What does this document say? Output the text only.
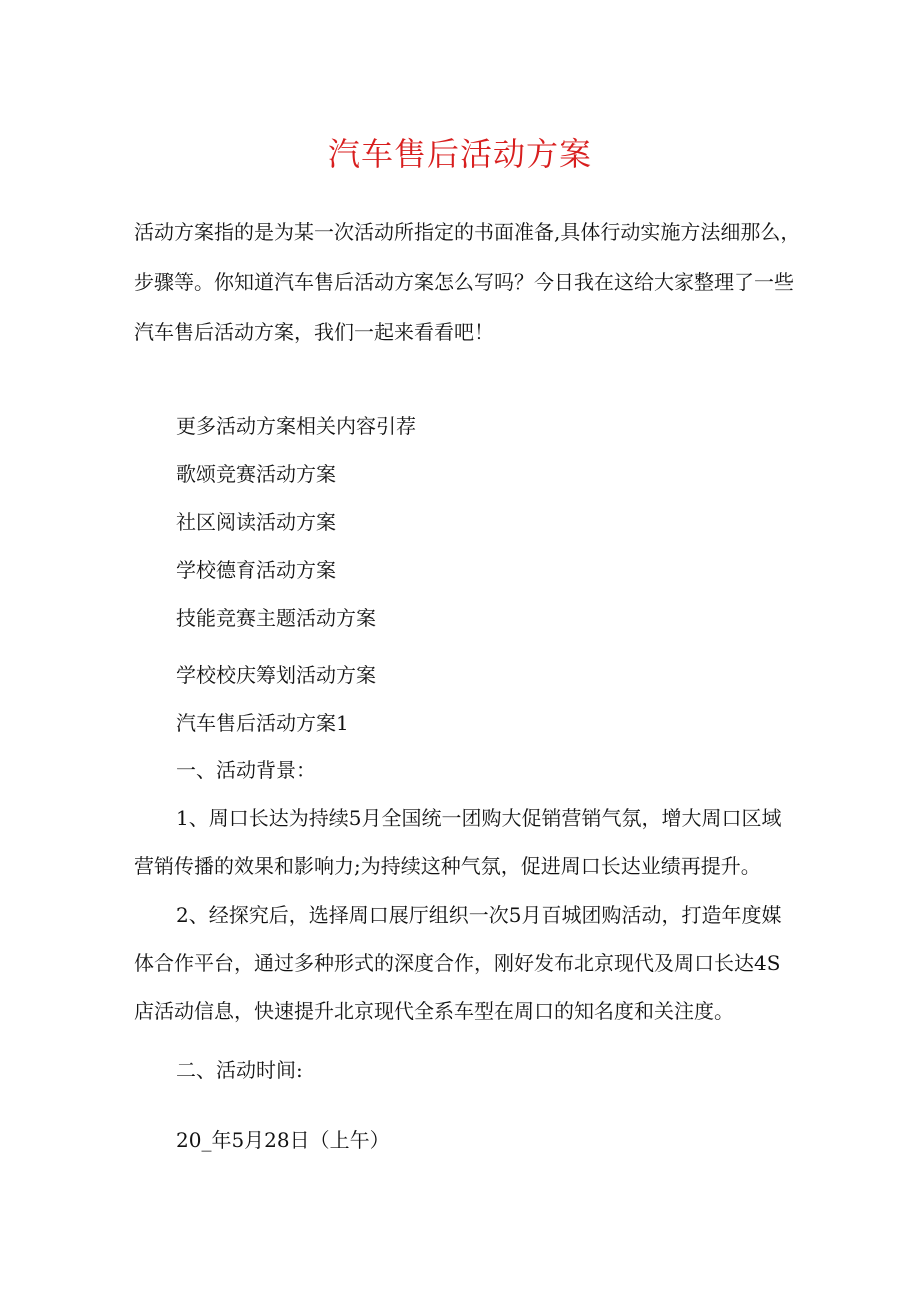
汽车售后活动方案
活动方案指的是为某一次活动所指定的书面准备,具体行动实施方法细那么，
步骤等。你知道汽车售后活动方案怎么写吗？今日我在这给大家整理了一些
汽车售后活动方案，我们一起来看看吧！
更多活动方案相关内容引荐
歌颂竞赛活动方案
社区阅读活动方案
学校德育活动方案
技能竞赛主题活动方案
学校校庆筹划活动方案
汽车售后活动方案1
一、活动背景：
1、周口长达为持续5月全国统一团购大促销营销气氛，增大周口区域
营销传播的效果和影响力;为持续这种气氛，促进周口长达业绩再提升。
2、经探究后，选择周口展厅组织一次5月百城团购活动，打造年度媒
体合作平台，通过多种形式的深度合作，刚好发布北京现代及周口长达4S
店活动信息，快速提升北京现代全系车型在周口的知名度和关注度。
二、活动时间:
20_年5月28日（上午）
